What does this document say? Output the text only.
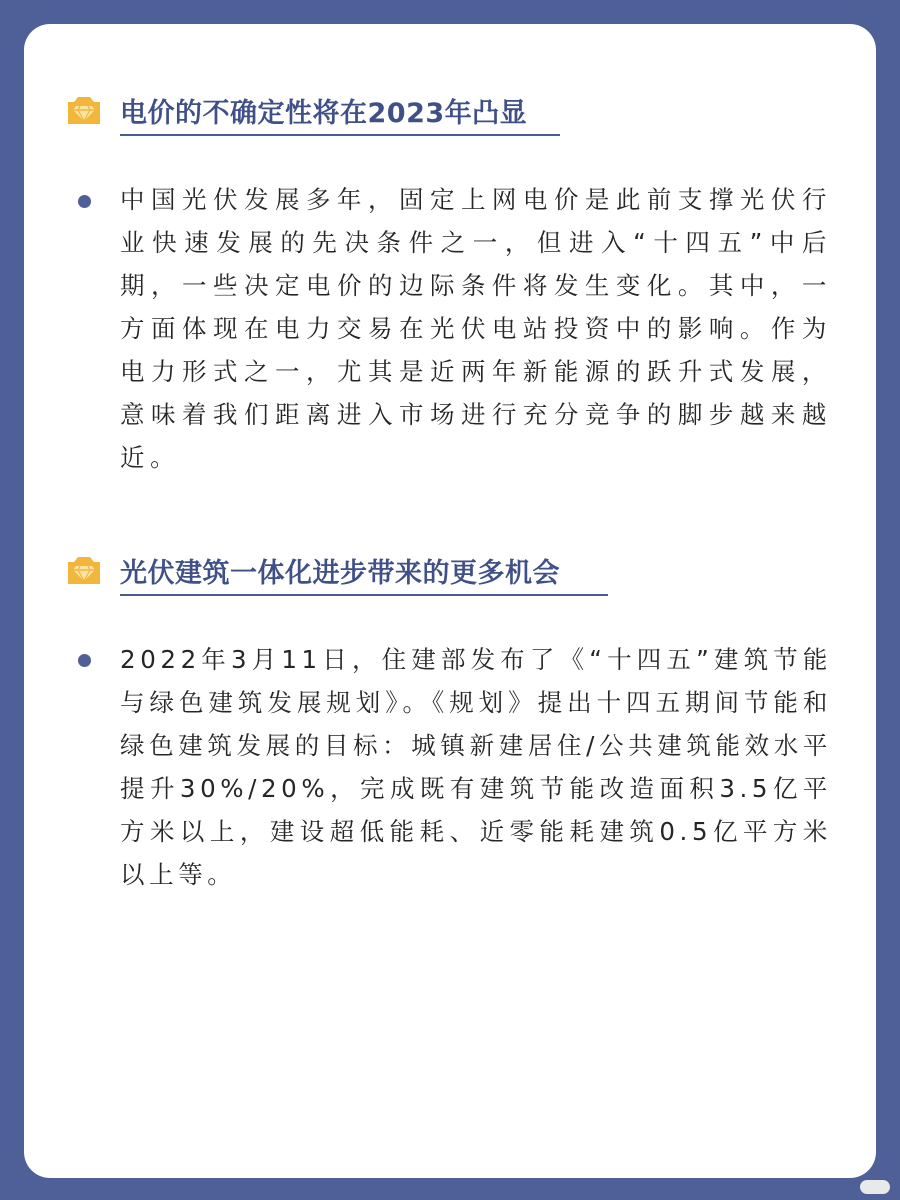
电价的不确定性将在2023年凸显

中国光伏发展多年，固定上网电价是此前支撑光伏行业快速发展的先决条件之一，但进入“十四五”中后期，一些决定电价的边际条件将发生变化。其中，一方面体现在电力交易在光伏电站投资中的影响。作为电力形式之一，尤其是近两年新能源的跃升式发展，意味着我们距离进入市场进行充分竞争的脚步越来越近。

光伏建筑一体化进步带来的更多机会

2022年3月11日，住建部发布了《“十四五”建筑节能与绿色建筑发展规划》。《规划》提出十四五期间节能和绿色建筑发展的目标：城镇新建居住/公共建筑能效水平提升30%/20%，完成既有建筑节能改造面积3.5亿平方米以上，建设超低能耗、近零能耗建筑0.5亿平方米以上等。
